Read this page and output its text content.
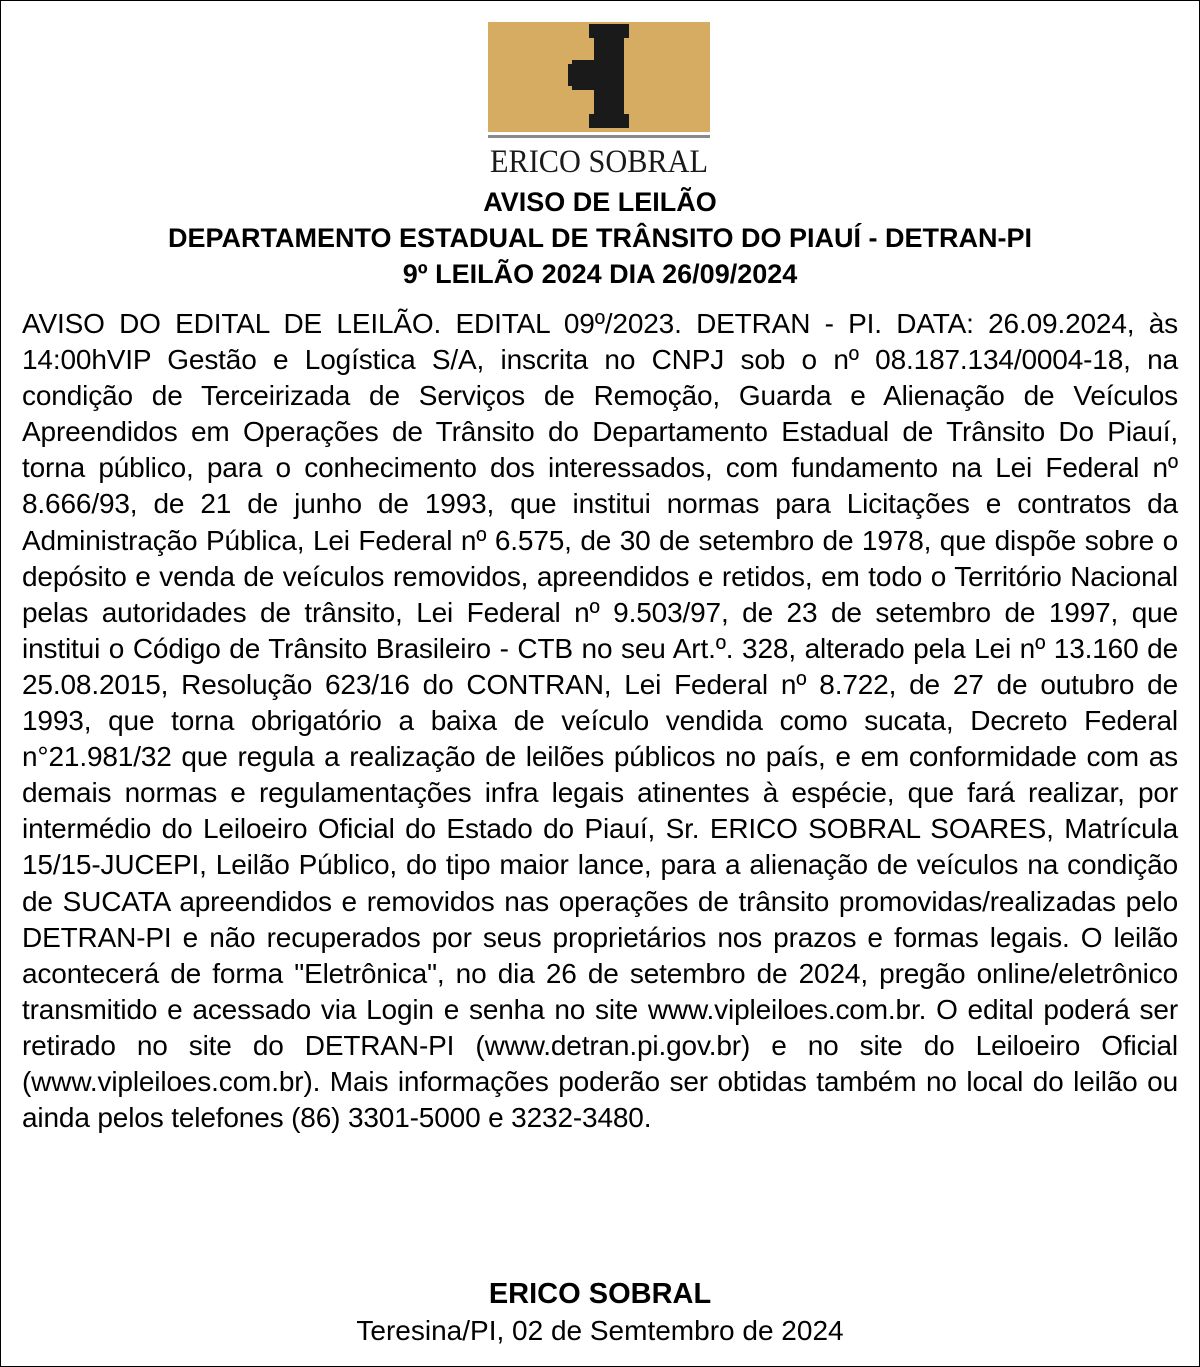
ERICO SOBRAL
AVISO DE LEILÃO
DEPARTAMENTO ESTADUAL DE TRÂNSITO DO PIAUÍ - DETRAN-PI
9º LEILÃO 2024 DIA 26/09/2024

AVISO DO EDITAL DE LEILÃO. EDITAL 09º/2023. DETRAN - PI. DATA: 26.09.2024, às 14:00hVIP Gestão e Logística S/A, inscrita no CNPJ sob o nº 08.187.134/0004-18, na condição de Terceirizada de Serviços de Remoção, Guarda e Alienação de Veículos Apreendidos em Operações de Trânsito do Departamento Estadual de Trânsito Do Piauí, torna público, para o conhecimento dos interessados, com fundamento na Lei Federal nº 8.666/93, de 21 de junho de 1993, que institui normas para Licitações e contratos da Administração Pública, Lei Federal nº 6.575, de 30 de setembro de 1978, que dispõe sobre o depósito e venda de veículos removidos, apreendidos e retidos, em todo o Território Nacional pelas autoridades de trânsito, Lei Federal nº 9.503/97, de 23 de setembro de 1997, que institui o Código de Trânsito Brasileiro - CTB no seu Art.º. 328, alterado pela Lei nº 13.160 de 25.08.2015, Resolução 623/16 do CONTRAN, Lei Federal nº 8.722, de 27 de outubro de 1993, que torna obrigatório a baixa de veículo vendida como sucata, Decreto Federal n°21.981/32 que regula a realização de leilões públicos no país, e em conformidade com as demais normas e regulamentações infra legais atinentes à espécie, que fará realizar, por intermédio do Leiloeiro Oficial do Estado do Piauí, Sr. ERICO SOBRAL SOARES, Matrícula 15/15-JUCEPI, Leilão Público, do tipo maior lance, para a alienação de veículos na condição de SUCATA apreendidos e removidos nas operações de trânsito promovidas/realizadas pelo DETRAN-PI e não recuperados por seus proprietários nos prazos e formas legais. O leilão acontecerá de forma "Eletrônica", no dia 26 de setembro de 2024, pregão online/eletrônico transmitido e acessado via Login e senha no site www.vipleiloes.com.br. O edital poderá ser retirado no site do DETRAN-PI (www.detran.pi.gov.br) e no site do Leiloeiro Oficial (www.vipleiloes.com.br). Mais informações poderão ser obtidas também no local do leilão ou ainda pelos telefones (86) 3301-5000 e 3232-3480.

ERICO SOBRAL
Teresina/PI, 02 de Semtembro de 2024
